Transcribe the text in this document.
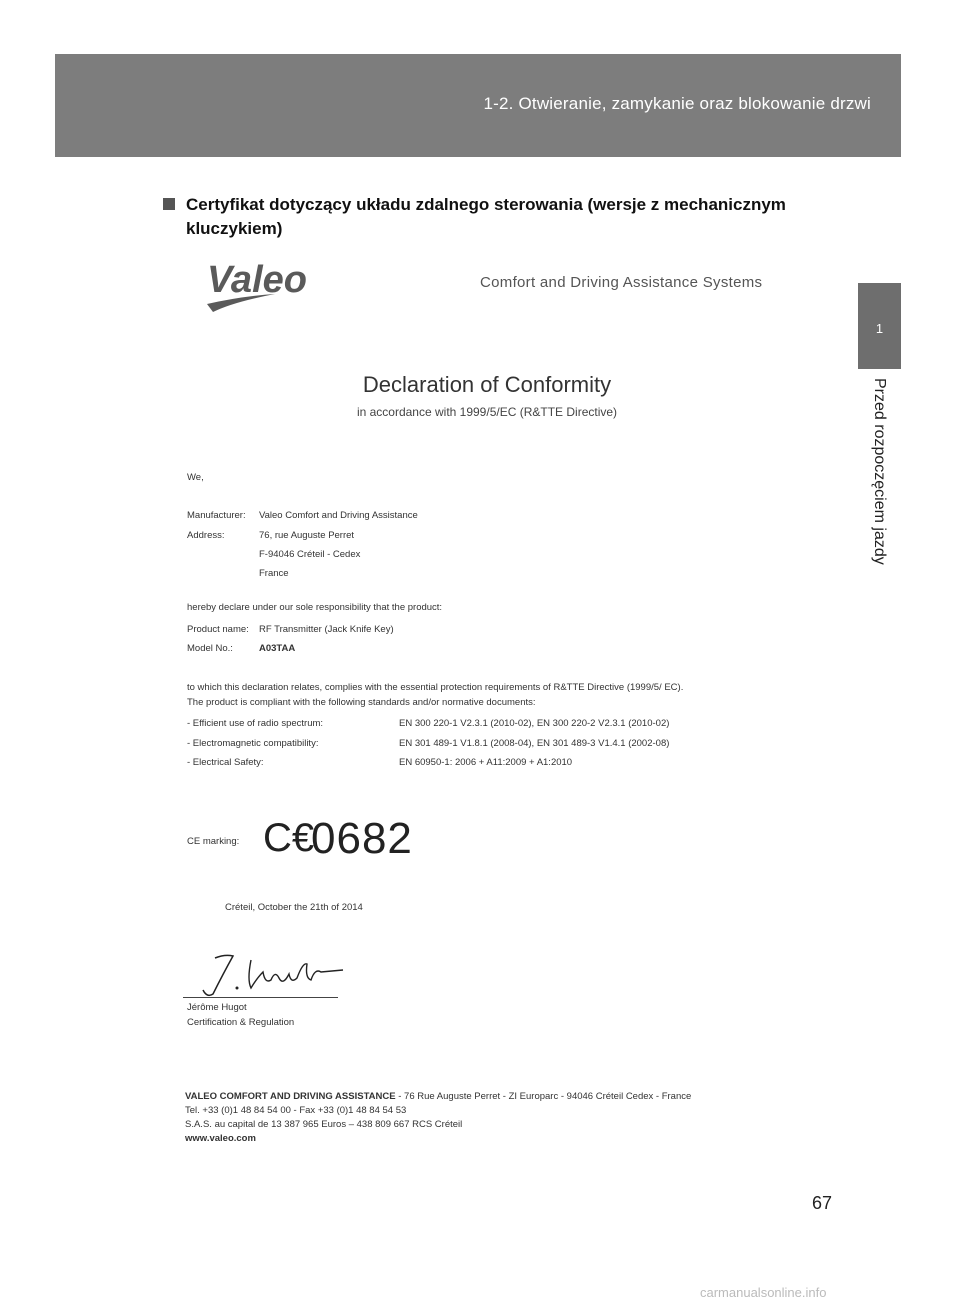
1-2. Otwieranie, zamykanie oraz blokowanie drzwi
1
Przed rozpoczęciem jazdy
Certyfikat dotyczący układu zdalnego sterowania (wersje z mechanicznym kluczykiem)
Valeo	Comfort and Driving Assistance Systems
Declaration of Conformity
in accordance with 1999/5/EC (R&TTE Directive)
We,
Manufacturer: Valeo Comfort and Driving Assistance
Address:	76, rue Auguste Perret
F-94046 Créteil - Cedex
France
hereby declare under our sole responsibility that the product:
Product name: RF Transmitter (Jack Knife Key)
Model No.:	A03TAA
to which this declaration relates, complies with the essential protection requirements of R&TTE Directive (1999/5/ EC).
The product is compliant with the following standards and/or normative documents:
- Efficient use of radio spectrum:	EN 300 220-1 V2.3.1 (2010-02), EN 300 220-2 V2.3.1 (2010-02)
- Electromagnetic compatibility:	EN 301 489-1 V1.8.1 (2008-04), EN 301 489-3 V1.4.1 (2002-08)
- Electrical Safety:	EN 60950-1: 2006 + A11:2009 + A1:2010
CE marking: C€
0682
Créteil, October the 21th of 2014
Jérôme Hugot
Certification & Regulation
VALEO COMFORT AND DRIVING ASSISTANCE - 76 Rue Auguste Perret - ZI Europarc - 94046 Créteil Cedex - France
Tel. +33 (0)1 48 84 54 00 - Fax +33 (0)1 48 84 54 53
S.A.S. au capital de 13 387 965 Euros – 438 809 667 RCS Créteil
www.valeo.com
67
carmanualsonline.info
